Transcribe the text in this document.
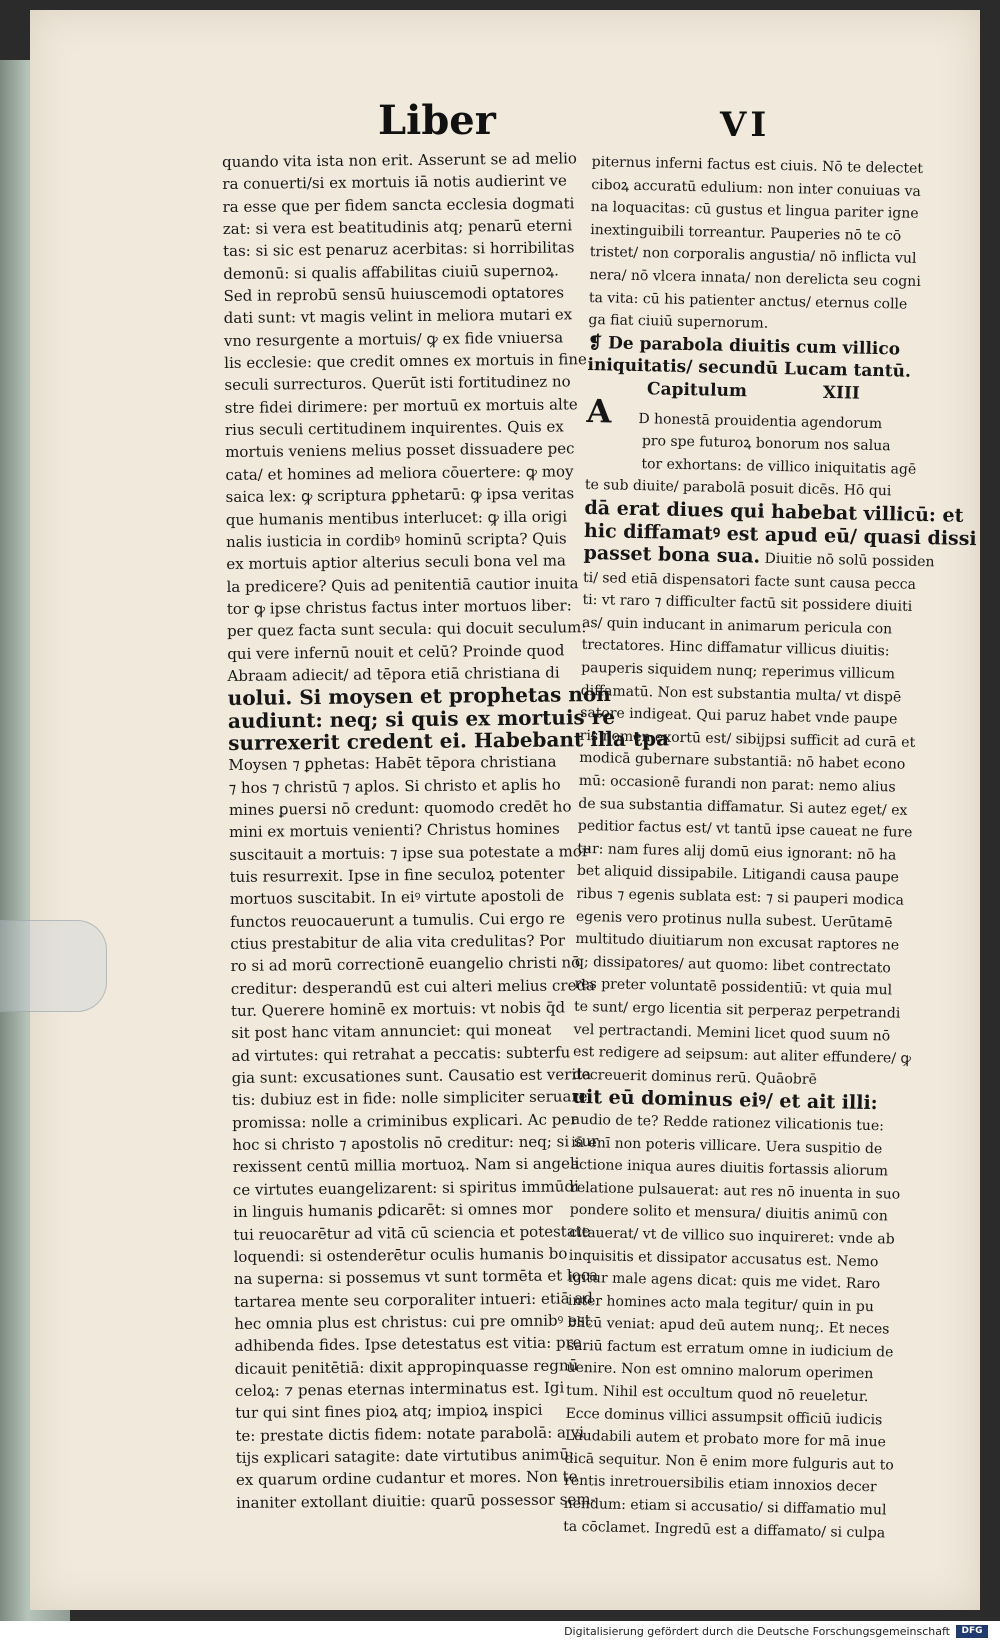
Liber	VI

quando vita ista non erit. Asserunt se ad melio

ra conuerti/si ex mortuis iā notis audierint ve

ra esse que per fidem sancta ecclesia dogmati

zat: si vera est beatitudinis atq; penarū eterni

tas: si sic est penaruz acerbitas: si horribilitas

demonū: si qualis affabilitas ciuiū supernoꝝ.

Sed in reprobū sensū huiuscemodi optatores

dati sunt: vt magis velint in meliora mutari ex

vno resurgente a mortuis/ ꝙ ex fide vniuersa

lis ecclesie: que credit omnes ex mortuis in fine

seculi surrecturos. Querūt isti fortitudinez no

stre fidei dirimere: per mortuū ex mortuis alte

rius seculi certitudinem inquirentes. Quis ex

mortuis veniens melius posset dissuadere pec

cata/ et homines ad meliora cōuertere: ꝙ moy

saica lex: ꝙ scriptura ꝑphetarū: ꝙ ipsa veritas

que humanis mentibus interlucet: ꝙ illa origi

nalis iusticia in cordibꝰ hominū scripta? Quis

ex mortuis aptior alterius seculi bona vel ma

la predicere? Quis ad penitentiā cautior inuita

tor ꝙ ipse christus factus inter mortuos liber:

per quez facta sunt secula: qui docuit seculum:

qui vere infernū nouit et celū? Proinde quod

Abraam adiecit/ ad tēpora etiā christiana di

uolui. Si moysen et prophetas non

audiunt: neq; si quis ex mortuis re

surrexerit credent ei. Habebant illa tpa

Moysen ⁊ ꝑphetas: Habēt tēpora christiana

⁊ hos ⁊ christū ⁊ aplos. Si christo et aplis ho

mines ꝑuersi nō credunt: quomodo credēt ho

mini ex mortuis venienti? Christus homines

suscitauit a mortuis: ⁊ ipse sua potestate a mor

tuis resurrexit. Ipse in fine seculoꝝ potenter

mortuos suscitabit. In eiꝰ virtute apostoli de

functos reuocauerunt a tumulis. Cui ergo re

ctius prestabitur de alia vita credulitas? Por

ro si ad morū correctionē euangelio christi nō

creditur: desperandū est cui alteri melius creda

tur. Querere hominē ex mortuis: vt nobis q̄d

sit post hanc vitam annunciet: qui moneat

ad virtutes: qui retrahat a peccatis: subterfu

gia sunt: excusationes sunt. Causatio est verita

tis: dubiuz est in fide: nolle simpliciter seruare

promissa: nolle a criminibus explicari. Ac per

hoc si christo ⁊ apostolis nō creditur: neq; si sur

rexissent centū millia mortuoꝝ. Nam si angeli

ce virtutes euangelizarent: si spiritus immūdi

in linguis humanis ꝑdicarēt: si omnes mor

tui reuocarētur ad vitā cū sciencia et potestate

loquendi: si ostenderētur oculis humanis bo

na superna: si possemus vt sunt tormēta et loca

tartarea mente seu corporaliter intueri: etiā ad

hec omnia plus est christus: cui pre omnibꝰ est

adhibenda fides. Ipse detestatus est vitia: pre

dicauit penitētiā: dixit appropinquasse regnū

celoꝝ: ⁊ penas eternas interminatus est. Igi

tur qui sint fines pioꝝ atq; impioꝝ inspici

te: prestate dictis fidem: notate parabolā: a vi

tijs explicari satagite: date virtutibus animū:

ex quarum ordine cudantur et mores. Non te

inaniter extollant diuitie: quarū possessor sem-

piternus inferni factus est ciuis. Nō te delectet

ciboꝝ accuratū edulium: non inter conuiuas va

na loquacitas: cū gustus et lingua pariter igne

inextinguibili torreantur. Pauperies nō te cō

tristet/ non corporalis angustia/ nō inflicta vul

nera/ nō vlcera innata/ non derelicta seu cogni

ta vita: cū his patienter anctus/ eternus colle

ga fiat ciuiū supernorum.

❡ De parabola diuitis cum villico

iniquitatis/ secundū Lucam tantū.

Capitulum	XIII

A D honestā prouidentia agendorum

pro spe futuroꝝ bonorum nos salua

tor exhortans: de villico iniquitatis agē

te sub diuite/ parabolā posuit dicēs. Hō qui

dā erat diues qui habebat villicū: et

hic diffamatꝰ est apud eū/ quasi dissi

passet bona sua. Diuitie nō solū possiden

ti/ sed etiā dispensatori facte sunt causa pecca

ti: vt raro ⁊ difficulter factū sit possidere diuiti

as/ quin inducant in animarum pericula con

trectatores. Hinc diffamatur villicus diuitis:

pauperis siquidem nunq; reperimus villicum

diffamatū. Non est substantia multa/ vt dispē

satore indigeat. Qui paruz habet vnde paupe

ris nomen exortū est/ sibijpsi sufficit ad curā et

modicā gubernare substantiā: nō habet econo

mū: occasionē furandi non parat: nemo alius

de sua substantia diffamatur. Si autez eget/ ex

peditior factus est/ vt tantū ipse caueat ne fure

tur: nam fures alij domū eius ignorant: nō ha

bet aliquid dissipabile. Litigandi causa paupe

ribus ⁊ egenis sublata est: ⁊ si pauperi modica

egenis vero protinus nulla subest. Uerūtamē

multitudo diuitiarum non excusat raptores ne

q; dissipatores/ aut quomo: libet contrectato

res preter voluntatē possidentiū: vt quia mul

te sunt/ ergo licentia sit perperaz perpetrandi

vel pertractandi. Memini licet quod suum nō

est redigere ad seipsum: aut aliter effundere/ ꝙ

decreuerit dominus rerū. Quāobrē

uit eū dominus eiꝰ/ et ait illi:

audio de te? Redde rationez vilicationis tue:

iā enī non poteris villicare. Uera suspitio de

actione iniqua aures diuitis fortassis aliorum

relatione pulsauerat: aut res nō inuenta in suo

pondere solito et mensura/ diuitis animū con

citauerat/ vt de villico suo inquireret: vnde ab

inquisitis et dissipator accusatus est. Nemo

igitur male agens dicat: quis me videt. Raro

inter homines acto mala tegitur/ quin in pu

blicū veniat: apud deū autem nunq;. Et neces

sariū factum est erratum omne in iudicium de

uenire. Non est omnino malorum operimen

tum. Nihil est occultum quod nō reueletur.

Ecce dominus villici assumpsit officiū iudicis

Laudabili autem et probato more for mā inue

dicā sequitur. Non ē enim more fulguris aut to

rentis inretrouersibilis etiam innoxios decer

nendum: etiam si accusatio/ si diffamatio mul

ta cōclamet. Ingredū est a diffamato/ si culpa

Digitalisierung gefördert durch die Deutsche Forschungsgemeinschaft	DFG
